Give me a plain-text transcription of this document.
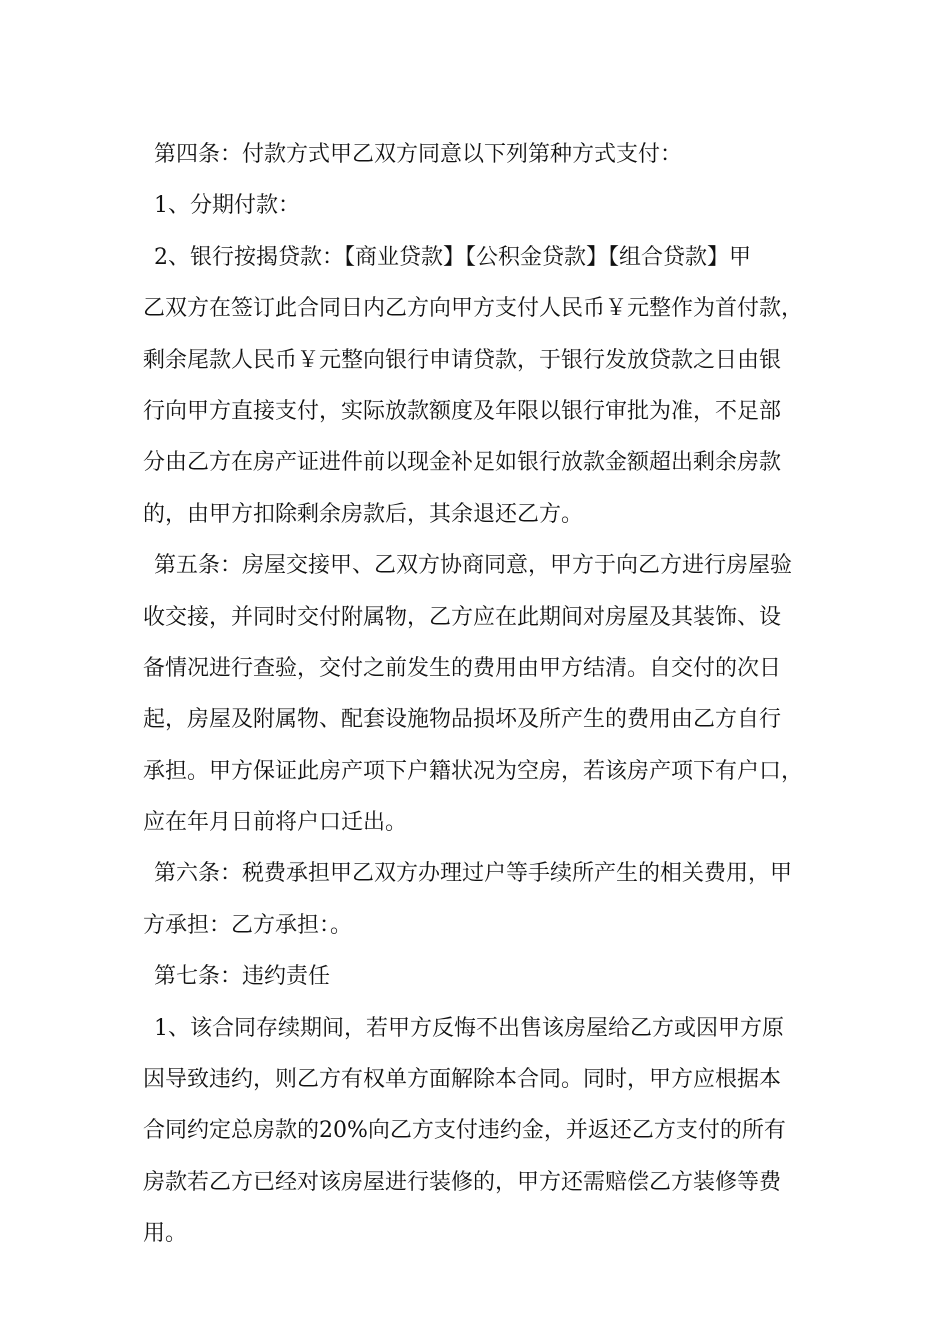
第四条：付款方式甲乙双方同意以下列第种方式支付：
1、分期付款：
2、银行按揭贷款：【商业贷款】【公积金贷款】【组合贷款】甲
乙双方在签订此合同日内乙方向甲方支付人民币￥元整作为首付款，
剩余尾款人民币￥元整向银行申请贷款，于银行发放贷款之日由银
行向甲方直接支付，实际放款额度及年限以银行审批为准，不足部
分由乙方在房产证进件前以现金补足如银行放款金额超出剩余房款
的，由甲方扣除剩余房款后，其余退还乙方。
第五条：房屋交接甲、乙双方协商同意，甲方于向乙方进行房屋验
收交接，并同时交付附属物，乙方应在此期间对房屋及其装饰、设
备情况进行查验，交付之前发生的费用由甲方结清。自交付的次日
起，房屋及附属物、配套设施物品损坏及所产生的费用由乙方自行
承担。甲方保证此房产项下户籍状况为空房，若该房产项下有户口，
应在年月日前将户口迁出。
第六条：税费承担甲乙双方办理过户等手续所产生的相关费用，甲
方承担：乙方承担：。
第七条：违约责任
1、该合同存续期间，若甲方反悔不出售该房屋给乙方或因甲方原
因导致违约，则乙方有权单方面解除本合同。同时，甲方应根据本
合同约定总房款的20%向乙方支付违约金，并返还乙方支付的所有
房款若乙方已经对该房屋进行装修的，甲方还需赔偿乙方装修等费
用。
